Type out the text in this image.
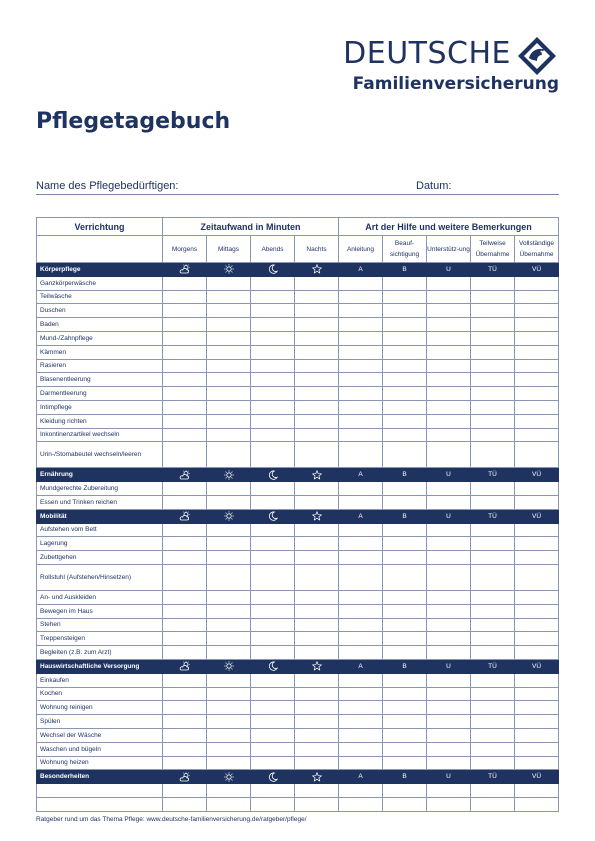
DEUTSCHE
Familienversicherung
Pflegetagebuch
Name des Pflegebedürftigen:	Datum:
Verrichtung	Zeitaufwand in Minuten				Art der Hilfe und weitere Bemerkungen				
	Morgens	Mittags	Abends	Nachts	Anleitung	Beauf-sichtigung	Unterstütz-ung	Teilweise Übernahme	Vollständige Übernahme
Körperpflege					A	B	U	TÜ	VÜ
Ganzkörperwäsche									
Teilwäsche									
Duschen									
Baden									
Mund-/Zahnpflege									
Kämmen									
Rasieren									
Blasenentleerung									
Darmentleerung									
Intimpflege									
Kleidung richten									
Inkontinenzartikel wechseln									
Urin-/Stomabeutel wechseln/leeren									
Ernährung					A	B	U	TÜ	VÜ
Mundgerechte Zubereitung									
Essen und Trinken reichen									
Mobilität					A	B	U	TÜ	VÜ
Aufstehen vom Bett									
Lagerung									
Zubettgehen									
Rollstuhl (Aufstehen/Hinsetzen)									
An- und Auskleiden									
Bewegen im Haus									
Stehen									
Treppensteigen									
Begleiten (z.B. zum Arzt)									
Hauswirtschaftliche Versorgung					A	B	U	TÜ	VÜ
Einkaufen									
Kochen									
Wohnung reinigen									
Spülen									
Wechsel der Wäsche									
Waschen und bügeln									
Wohnung heizen									
Besonderheiten					A	B	U	TÜ	VÜ

Ratgeber rund um das Thema Pflege: www.deutsche-familienversicherung.de/ratgeber/pflege/
